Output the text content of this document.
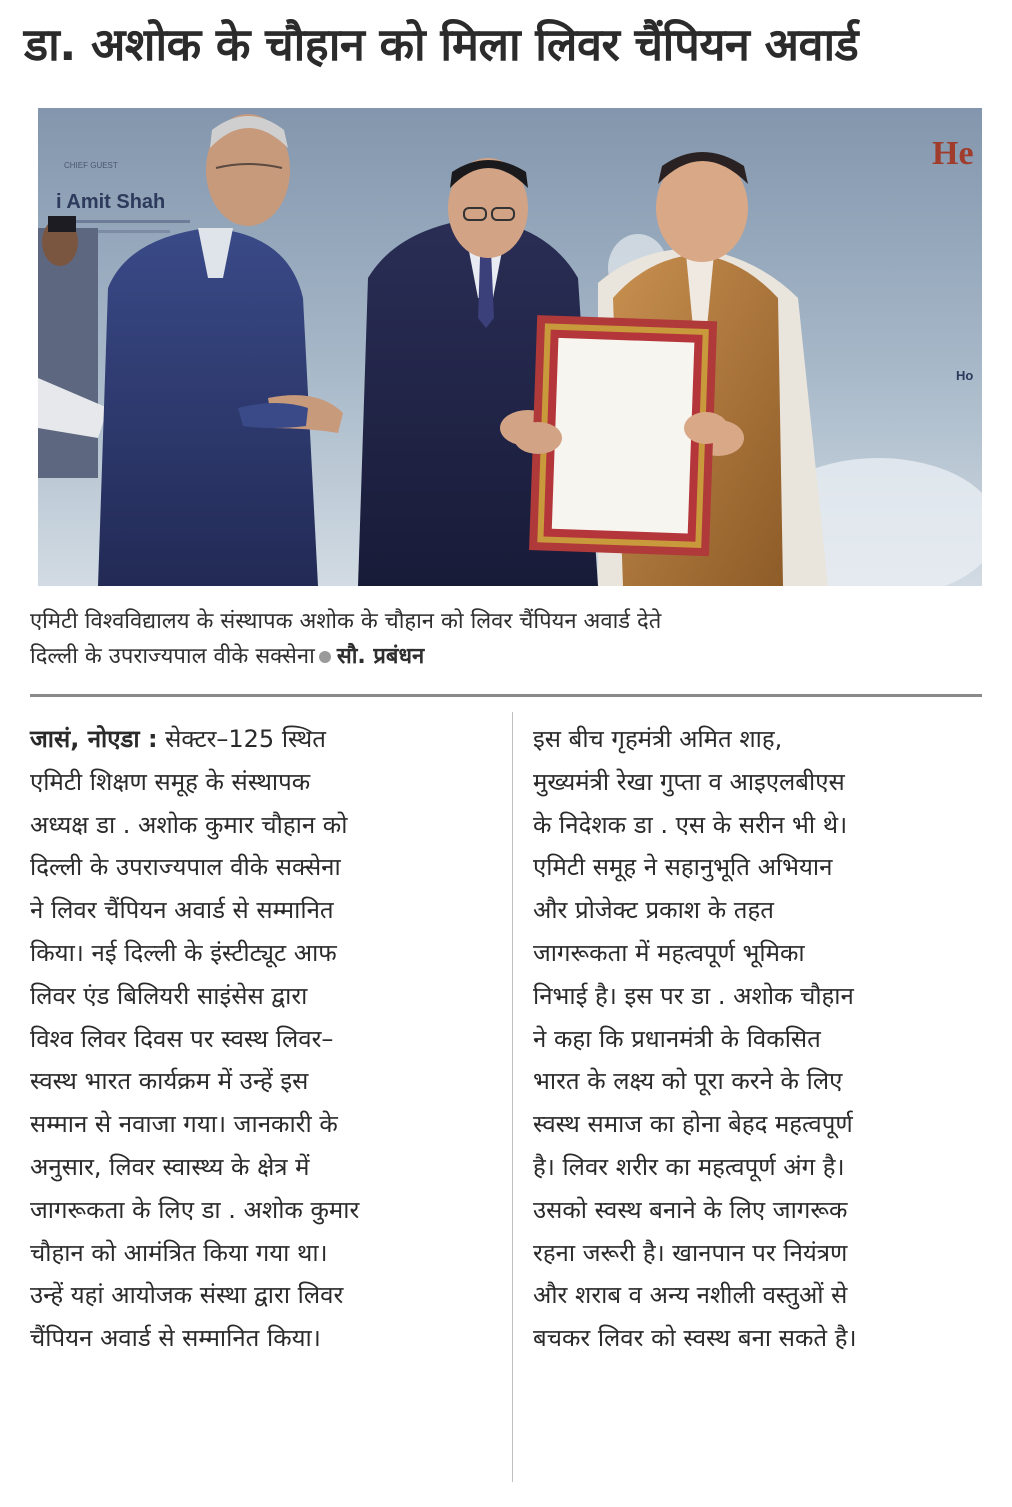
डा. अशोक के चौहान को मिला लिवर चैंपियन अवार्ड
CHIEF GUEST
i Amit Shah
He
Ho
एमिटी विश्वविद्यालय के संस्थापक अशोक के चौहान को लिवर चैंपियन अवार्ड देते
दिल्ली के उपराज्यपाल वीके सक्सेना सौ. प्रबंधन
जासं, नोएडा : सेक्टर–125 स्थित
एमिटी शिक्षण समूह के संस्थापक
अध्यक्ष डा . अशोक कुमार चौहान को
दिल्ली के उपराज्यपाल वीके सक्सेना
ने लिवर चैंपियन अवार्ड से सम्मानित
किया। नई दिल्ली के इंस्टीट्यूट आफ
लिवर एंड बिलियरी साइंसेस द्वारा
विश्व लिवर दिवस पर स्वस्थ लिवर–
स्वस्थ भारत कार्यक्रम में उन्हें इस
सम्मान से नवाजा गया। जानकारी के
अनुसार, लिवर स्वास्थ्य के क्षेत्र में
जागरूकता के लिए डा . अशोक कुमार
चौहान को आमंत्रित किया गया था।
उन्हें यहां आयोजक संस्था द्वारा लिवर
चैंपियन अवार्ड से सम्मानित किया।
इस बीच गृहमंत्री अमित शाह,
मुख्यमंत्री रेखा गुप्ता व आइएलबीएस
के निदेशक डा . एस के सरीन भी थे।
एमिटी समूह ने सहानुभूति अभियान
और प्रोजेक्ट प्रकाश के तहत
जागरूकता में महत्वपूर्ण भूमिका
निभाई है। इस पर डा . अशोक चौहान
ने कहा कि प्रधानमंत्री के विकसित
भारत के लक्ष्य को पूरा करने के लिए
स्वस्थ समाज का होना बेहद महत्वपूर्ण
है। लिवर शरीर का महत्वपूर्ण अंग है।
उसको स्वस्थ बनाने के लिए जागरूक
रहना जरूरी है। खानपान पर नियंत्रण
और शराब व अन्य नशीली वस्तुओं से
बचकर लिवर को स्वस्थ बना सकते है।
